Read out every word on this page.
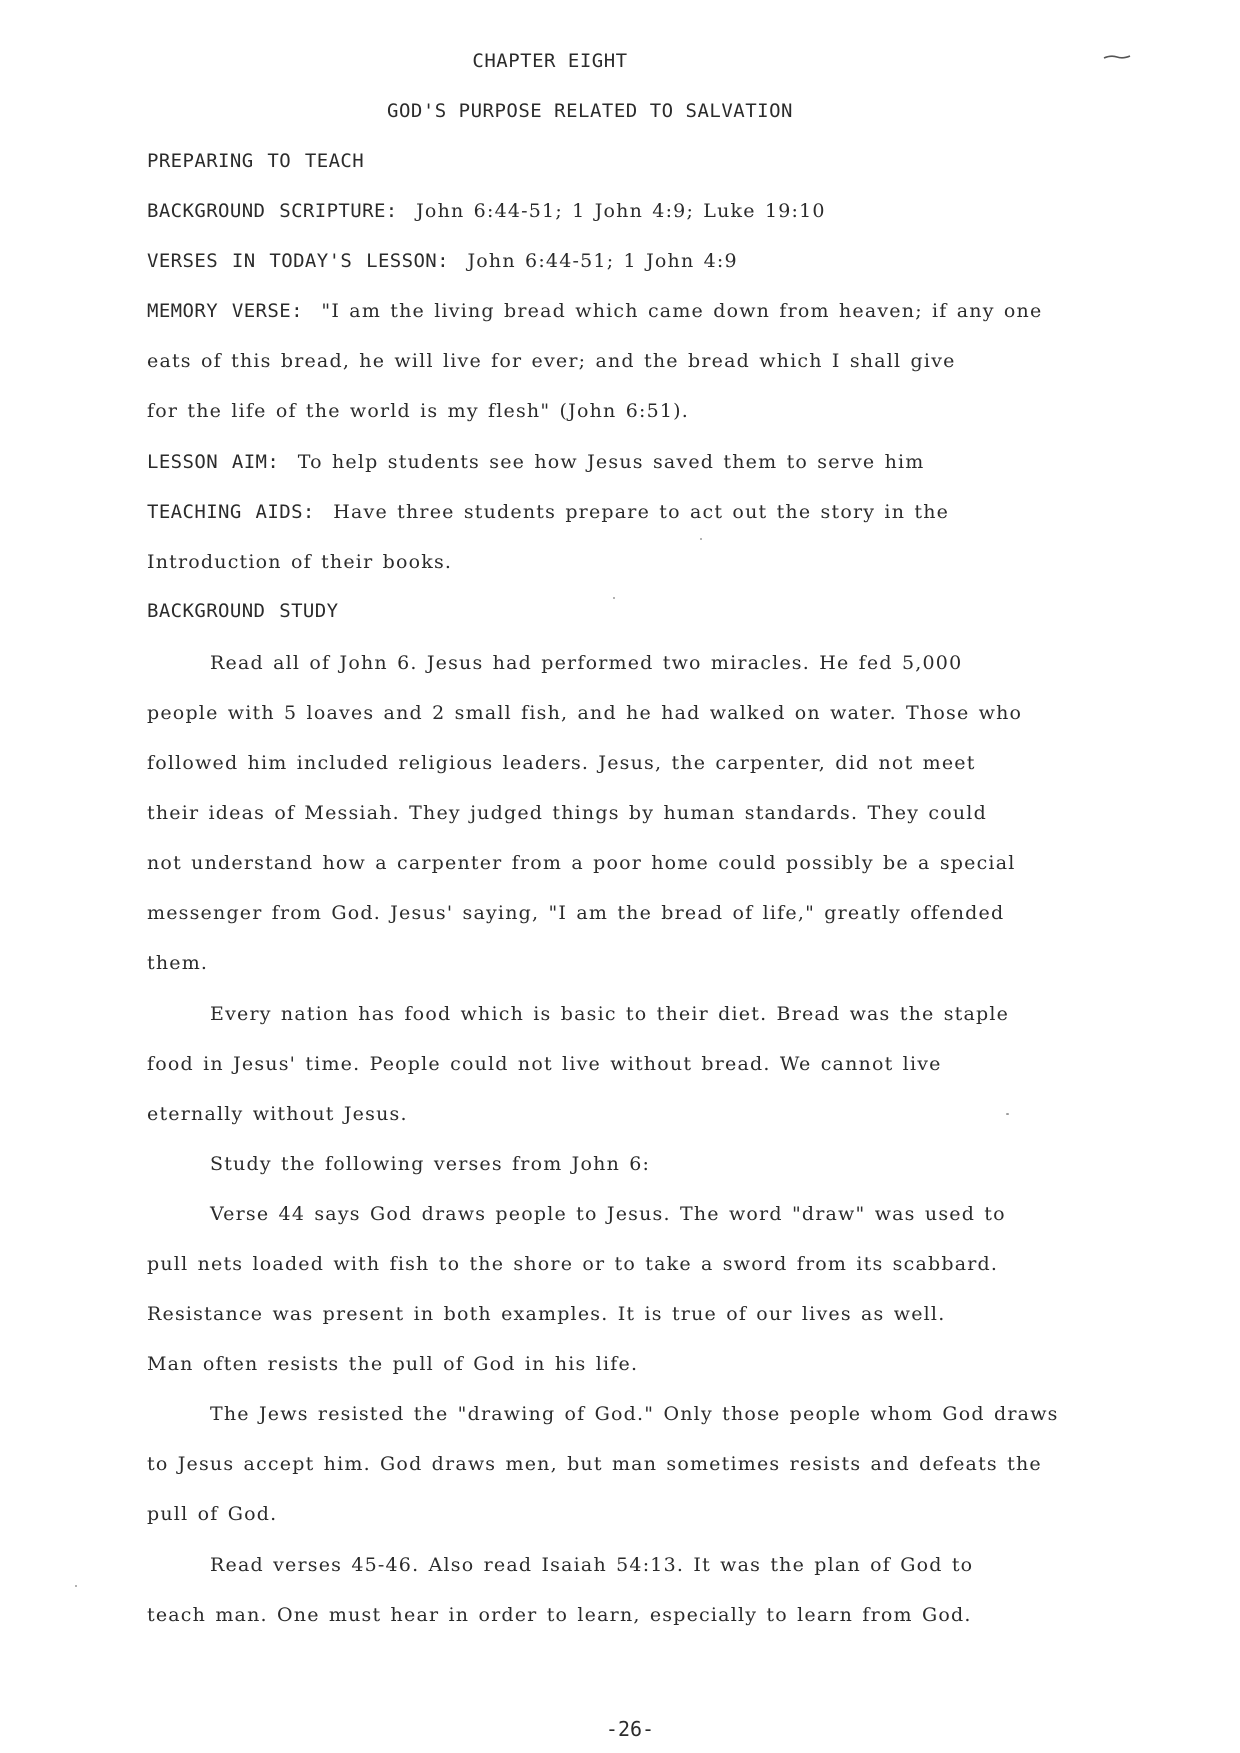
CHAPTER EIGHT
GOD'S PURPOSE RELATED TO SALVATION
PREPARING TO TEACH
BACKGROUND SCRIPTURE: John 6:44-51; 1 John 4:9; Luke 19:10
VERSES IN TODAY'S LESSON: John 6:44-51; 1 John 4:9
MEMORY VERSE: "I am the living bread which came down from heaven; if any one
eats of this bread, he will live for ever; and the bread which I shall give
for the life of the world is my flesh" (John 6:51).
LESSON AIM: To help students see how Jesus saved them to serve him
TEACHING AIDS: Have three students prepare to act out the story in the
Introduction of their books.
BACKGROUND STUDY
Read all of John 6. Jesus had performed two miracles. He fed 5,000
people with 5 loaves and 2 small fish, and he had walked on water. Those who
followed him included religious leaders. Jesus, the carpenter, did not meet
their ideas of Messiah. They judged things by human standards. They could
not understand how a carpenter from a poor home could possibly be a special
messenger from God. Jesus' saying, "I am the bread of life," greatly offended
them.
Every nation has food which is basic to their diet. Bread was the staple
food in Jesus' time. People could not live without bread. We cannot live
eternally without Jesus.
Study the following verses from John 6:
Verse 44 says God draws people to Jesus. The word "draw" was used to
pull nets loaded with fish to the shore or to take a sword from its scabbard.
Resistance was present in both examples. It is true of our lives as well.
Man often resists the pull of God in his life.
The Jews resisted the "drawing of God." Only those people whom God draws
to Jesus accept him. God draws men, but man sometimes resists and defeats the
pull of God.
Read verses 45-46. Also read Isaiah 54:13. It was the plan of God to
teach man. One must hear in order to learn, especially to learn from God.
-26-
